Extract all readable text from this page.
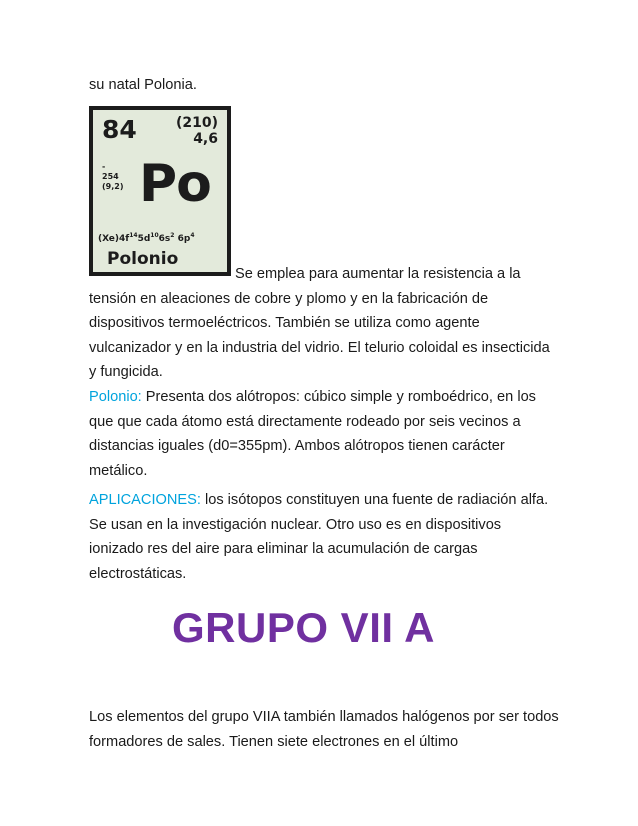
su natal Polonia.

84	(210)
4,6
-
254
(9,2) Po
$(Xe)4f^{14}5d^{10}6s^2$ $6p^4$
Polonio

Se emplea para aumentar la resistencia a la tensión en aleaciones de cobre y plomo y en la fabricación de dispositivos termoeléctricos. También se utiliza como agente vulcanizador y en la industria del vidrio. El telurio coloidal es insecticida y fungicida.

Polonio: Presenta dos alótropos: cúbico simple y romboédrico, en los que que cada átomo está directamente rodeado por seis vecinos a distancias iguales (d0=355pm). Ambos alótropos tienen carácter metálico.

APLICACIONES: los isótopos constituyen una fuente de radiación alfa. Se usan en la investigación nuclear. Otro uso es en dispositivos ionizado res del aire para eliminar la acumulación de cargas electrostáticas.

GRUPO VII A

Los elementos del grupo VIIA también llamados halógenos por ser todos formadores de sales. Tienen siete electrones en el último
